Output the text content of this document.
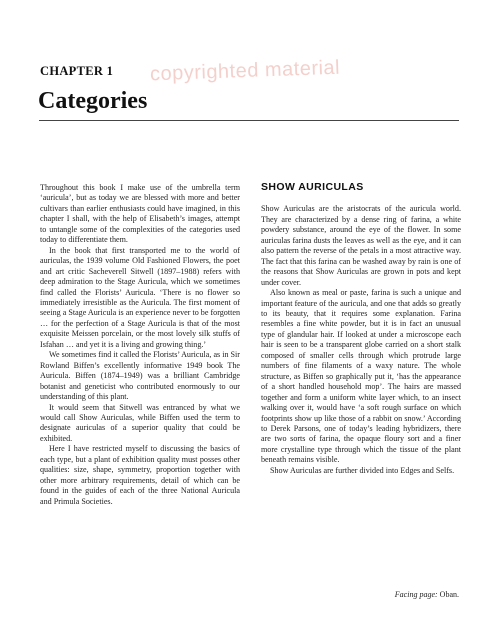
CHAPTER 1
Categories
copyrighted material

Throughout this book I make use of the umbrella term ‘auricula’, but as today we are blessed with more and better cultivars than earlier enthusiasts could have imagined, in this chapter I shall, with the help of Elisabeth’s images, attempt to untangle some of the complexities of the categories used today to differentiate them.

In the book that first transported me to the world of auriculas, the 1939 volume Old Fashioned Flowers, the poet and art critic Sacheverell Sitwell (1897–1988) refers with deep admiration to the Stage Auricula, which we sometimes find called the Florists’ Auricula. ‘There is no flower so immediately irresistible as the Auricula. The first moment of seeing a Stage Auricula is an experience never to be forgotten … for the perfection of a Stage Auricula is that of the most exquisite Meissen porcelain, or the most lovely silk stuffs of Isfahan … and yet it is a living and growing thing.’

We sometimes find it called the Florists’ Auricula, as in Sir Rowland Biffen’s excellently informative 1949 book The Auricula. Biffen (1874–1949) was a brilliant Cambridge botanist and geneticist who contributed enormously to our understanding of this plant.

It would seem that Sitwell was entranced by what we would call Show Auriculas, while Biffen used the term to designate auriculas of a superior quality that could be exhibited.

Here I have restricted myself to discussing the basics of each type, but a plant of exhibition quality must posses other qualities: size, shape, symmetry, proportion together with other more arbitrary requirements, detail of which can be found in the guides of each of the three National Auricula and Primula Societies.

SHOW AURICULAS

Show Auriculas are the aristocrats of the auricula world. They are characterized by a dense ring of farina, a white powdery substance, around the eye of the flower. In some auriculas farina dusts the leaves as well as the eye, and it can also pattern the reverse of the petals in a most attractive way. The fact that this farina can be washed away by rain is one of the reasons that Show Auriculas are grown in pots and kept under cover.

Also known as meal or paste, farina is such a unique and important feature of the auricula, and one that adds so greatly to its beauty, that it requires some explanation. Farina resembles a fine white powder, but it is in fact an unusual type of glandular hair. If looked at under a microscope each hair is seen to be a transparent globe carried on a short stalk composed of smaller cells through which protrude large numbers of fine filaments of a waxy nature. The whole structure, as Biffen so graphically put it, ‘has the appearance of a short handled household mop’. The hairs are massed together and form a uniform white layer which, to an insect walking over it, would have ‘a soft rough surface on which footprints show up like those of a rabbit on snow.’ According to Derek Parsons, one of today’s leading hybridizers, there are two sorts of farina, the opaque floury sort and a finer more crystalline type through which the tissue of the plant beneath remains visible.

Show Auriculas are further divided into Edges and Selfs.

Facing page: Oban.
